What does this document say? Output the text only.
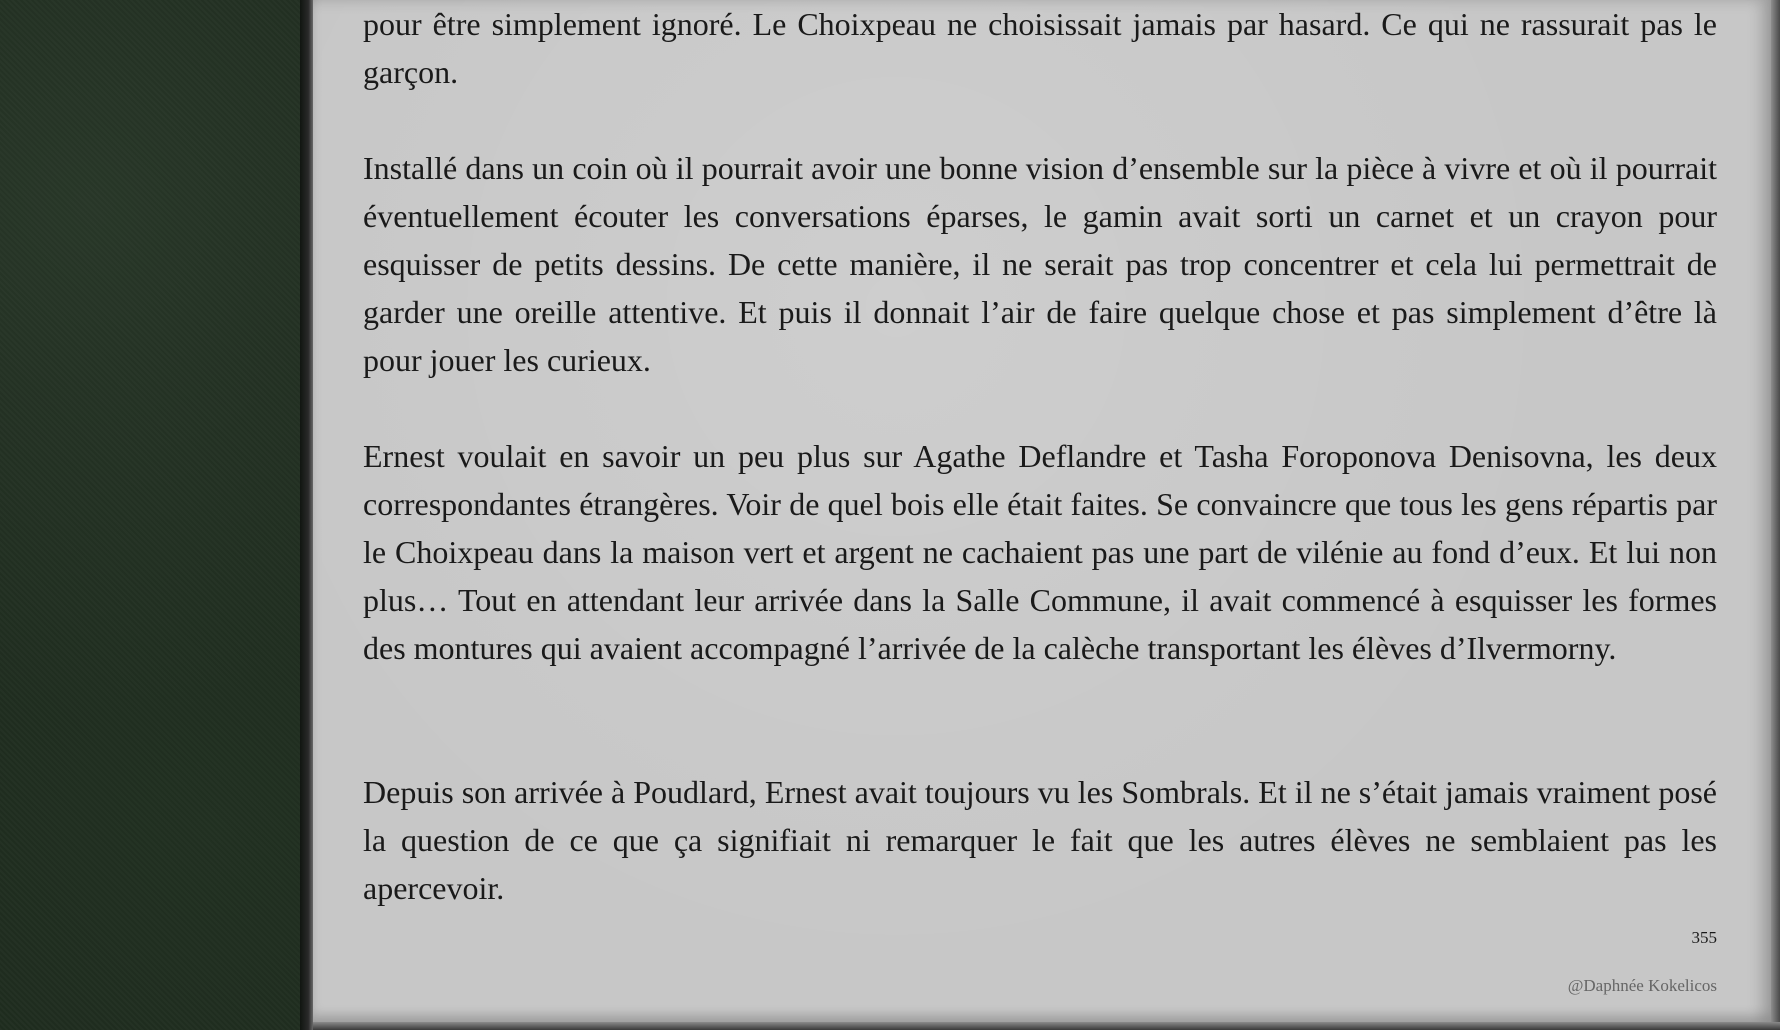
pour être simplement ignoré. Le Choixpeau ne choisissait jamais par hasard. Ce qui ne rassurait pas le garçon.

Installé dans un coin où il pourrait avoir une bonne vision d’ensemble sur la pièce à vivre et où il pourrait éventuellement écouter les conversations éparses, le gamin avait sorti un carnet et un crayon pour esquisser de petits dessins. De cette manière, il ne serait pas trop concentrer et cela lui permettrait de garder une oreille attentive. Et puis il donnait l’air de faire quelque chose et pas simplement d’être là pour jouer les curieux.

Ernest voulait en savoir un peu plus sur Agathe Deflandre et Tasha Foroponova Denisovna, les deux correspondantes étrangères. Voir de quel bois elle était faites. Se convaincre que tous les gens répartis par le Choixpeau dans la maison vert et argent ne cachaient pas une part de vilénie au fond d’eux. Et lui non plus… Tout en attendant leur arrivée dans la Salle Commune, il avait commencé à esquisser les formes des montures qui avaient accompagné l’arrivée de la calèche transportant les élèves d’Ilvermorny.

Depuis son arrivée à Poudlard, Ernest avait toujours vu les Sombrals. Et il ne s’était jamais vraiment posé la question de ce que ça signifiait ni remarquer le fait que les autres élèves ne semblaient pas les apercevoir.

355
@Daphnée Kokelicos
